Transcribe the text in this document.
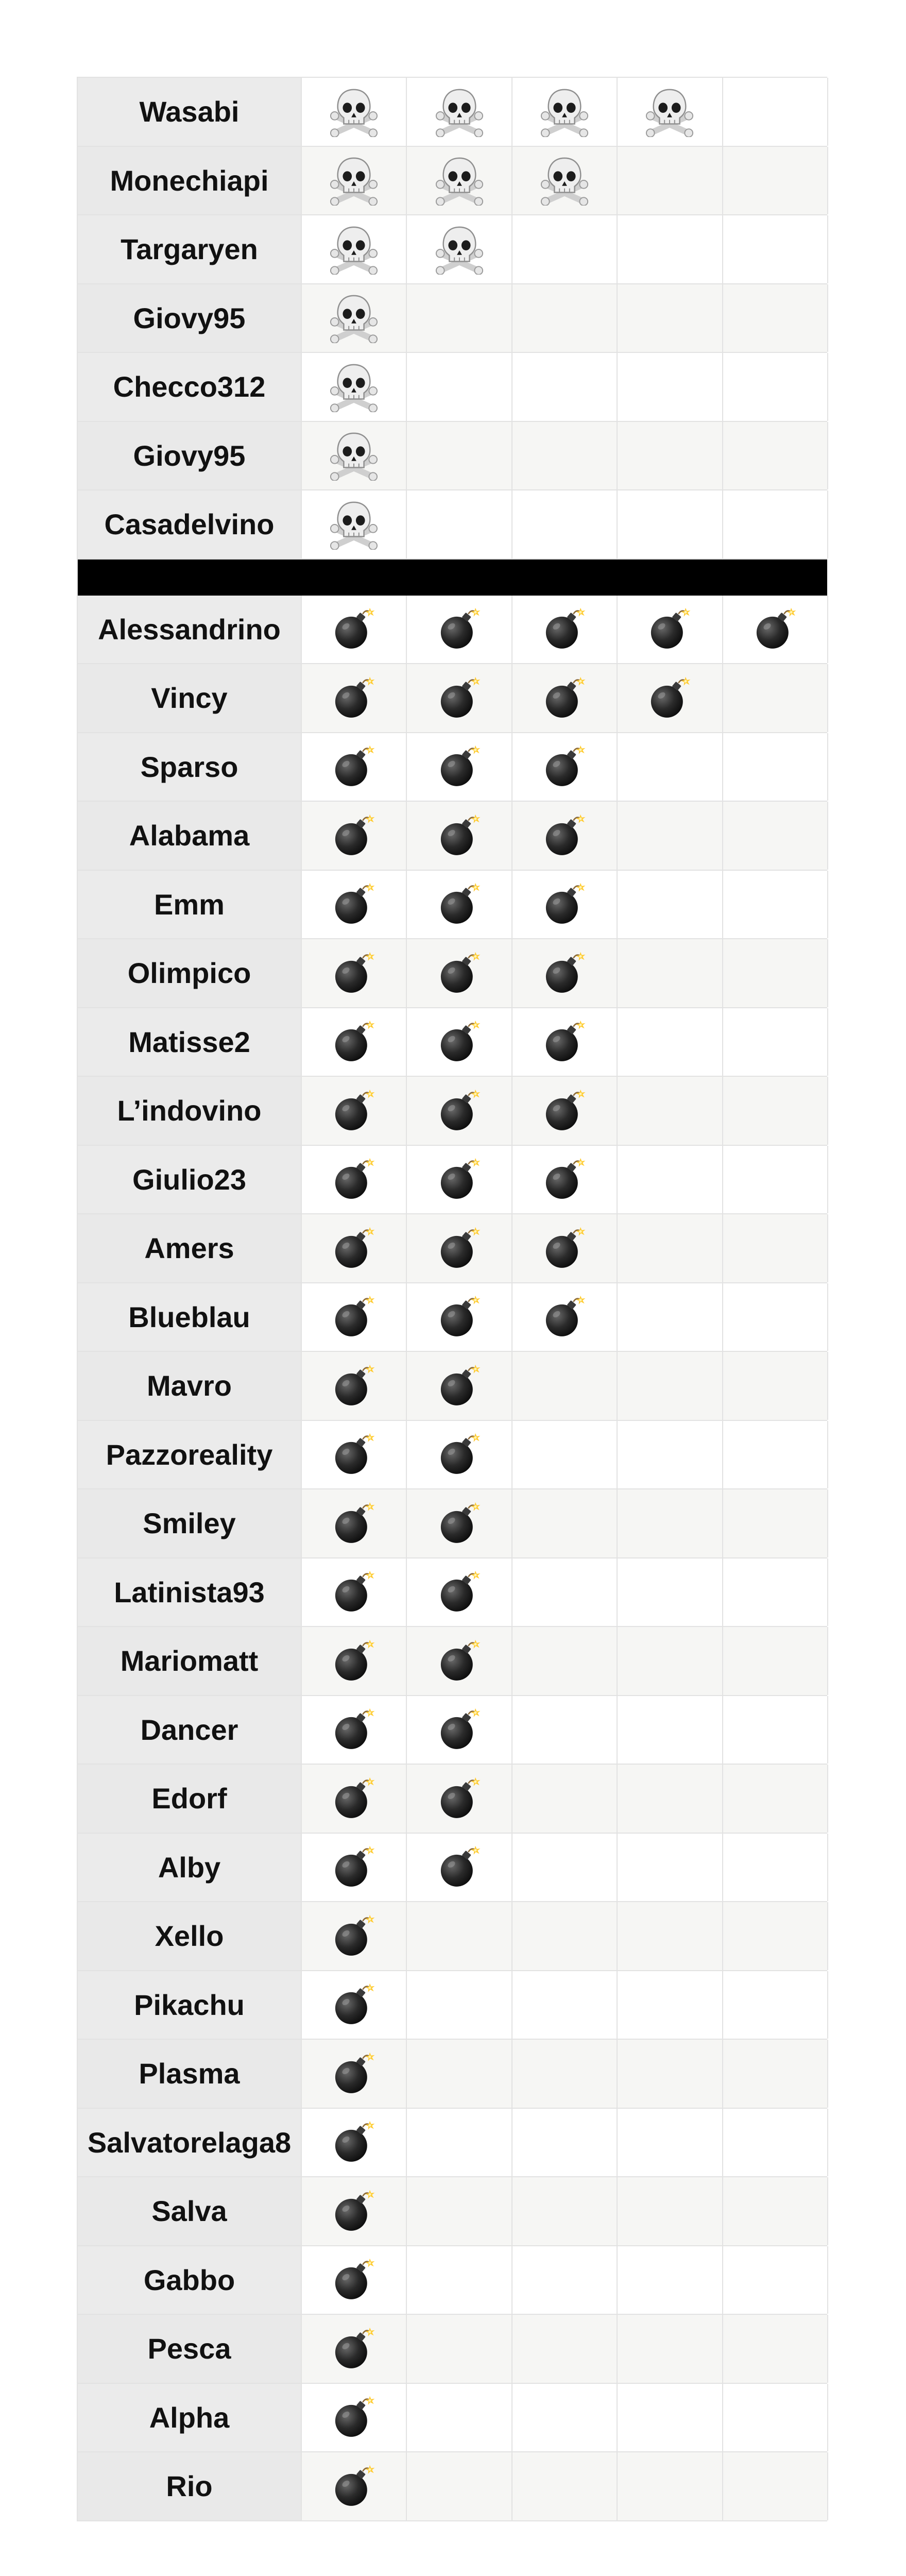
Wasabi
Monechiapi
Targaryen
Giovy95
Checco312
Giovy95
Casadelvino
Alessandrino
Vincy
Sparso
Alabama
Emm
Olimpico
Matisse2
L’indovino
Giulio23
Amers
Blueblau
Mavro
Pazzoreality
Smiley
Latinista93
Mariomatt
Dancer
Edorf
Alby
Xello
Pikachu
Plasma
Salvatorelaga8
Salva
Gabbo
Pesca
Alpha
Rio
